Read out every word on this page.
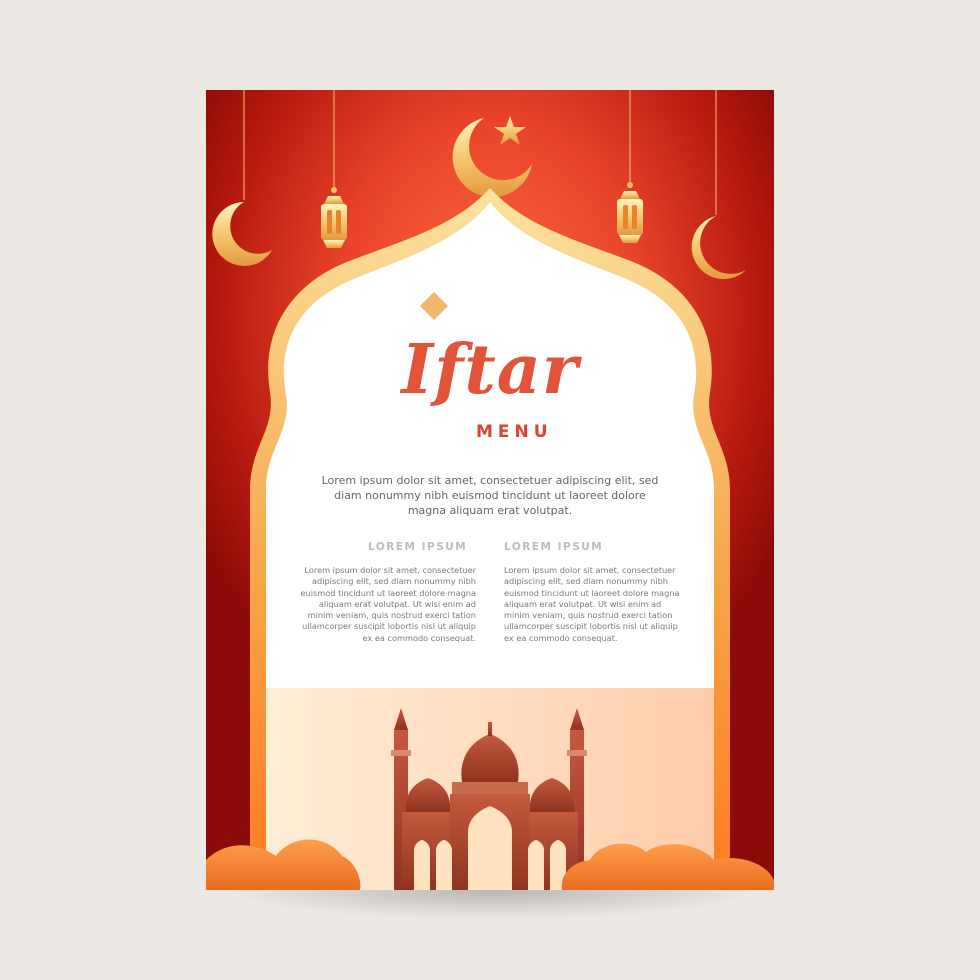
Iftar
MENU
Lorem ipsum dolor sit amet, consectetuer adipiscing elit, sed diam nonummy nibh euismod tincidunt ut laoreet dolore magna aliquam erat volutpat.
LOREM IPSUM	LOREM IPSUM
Lorem ipsum dolor sit amet, consectetuer adipiscing elit, sed diam nonummy nibh euismod tincidunt ut laoreet dolore magna aliquam erat volutpat. Ut wisi enim ad minim veniam, quis nostrud exerci tation ullamcorper suscipit lobortis nisl ut aliquip ex ea commodo consequat.
Lorem ipsum dolor sit amet, consectetuer adipiscing elit, sed diam nonummy nibh euismod tincidunt ut laoreet dolore magna aliquam erat volutpat. Ut wisi enim ad minim veniam, quis nostrud exerci tation ullamcorper suscipit lobortis nisl ut aliquip ex ea commodo consequat.
